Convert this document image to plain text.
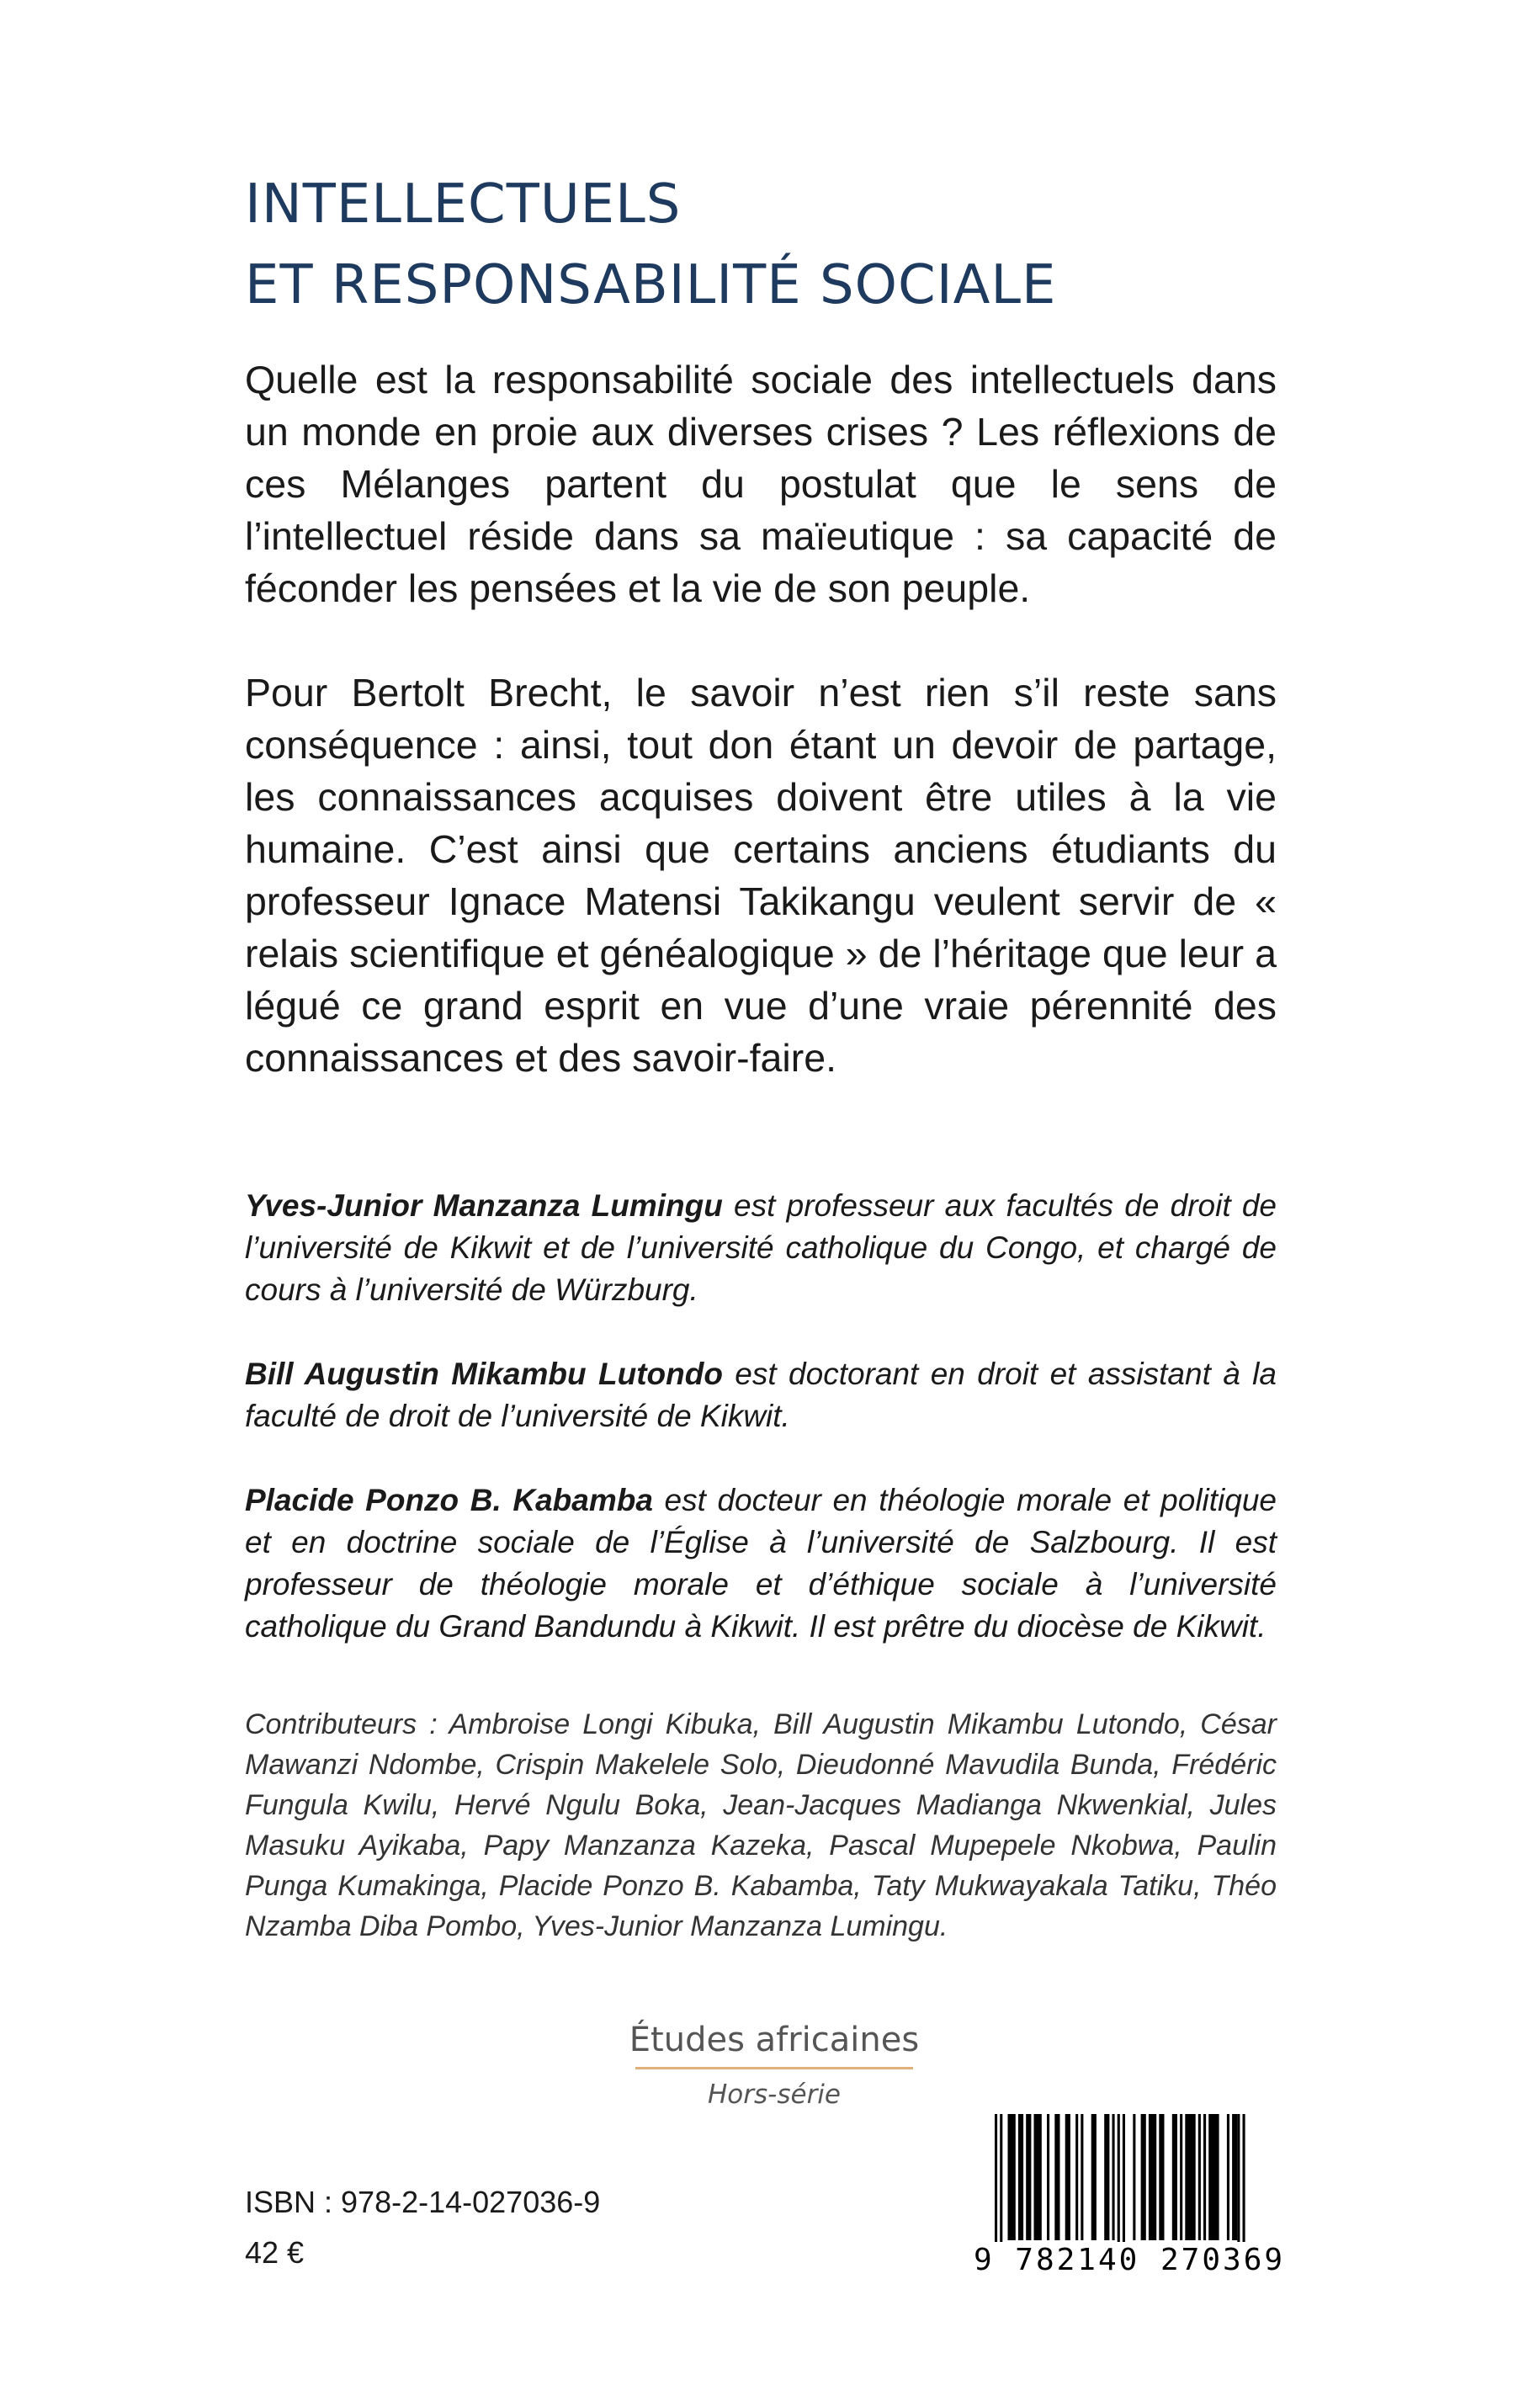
INTELLECTUELS
ET RESPONSABILITÉ SOCIALE

Quelle est la responsabilité sociale des intellectuels dans un monde en proie aux diverses crises ? Les réflexions de ces Mélanges partent du postulat que le sens de l’intellectuel réside dans sa maïeutique : sa capacité de féconder les pensées et la vie de son peuple.

Pour Bertolt Brecht, le savoir n’est rien s’il reste sans conséquence : ainsi, tout don étant un devoir de partage, les connaissances acquises doivent être utiles à la vie humaine. C’est ainsi que certains anciens étudiants du professeur Ignace Matensi Takikangu veulent servir de « relais scientifique et généalogique » de l’héritage que leur a légué ce grand esprit en vue d’une vraie pérennité des connaissances et des savoir-faire.

Yves-Junior Manzanza Lumingu est professeur aux facultés de droit de l’université de Kikwit et de l’université catholique du Congo, et chargé de cours à l’université de Würzburg.

Bill Augustin Mikambu Lutondo est doctorant en droit et assistant à la faculté de droit de l’université de Kikwit.

Placide Ponzo B. Kabamba est docteur en théologie morale et politique et en doctrine sociale de l’Église à l’université de Salzbourg. Il est professeur de théologie morale et d’éthique sociale à l’université catholique du Grand Bandundu à Kikwit. Il est prêtre du diocèse de Kikwit.

Contributeurs : Ambroise Longi Kibuka, Bill Augustin Mikambu Lutondo, César Mawanzi Ndombe, Crispin Makelele Solo, Dieudonné Mavudila Bunda, Frédéric Fungula Kwilu, Hervé Ngulu Boka, Jean-Jacques Madianga Nkwenkial, Jules Masuku Ayikaba, Papy Manzanza Kazeka, Pascal Mupepele Nkobwa, Paulin Punga Kumakinga, Placide Ponzo B. Kabamba, Taty Mukwayakala Tatiku, Théo Nzamba Diba Pombo, Yves-Junior Manzanza Lumingu.

Études africaines
Hors-série
ISBN : 978-2-14-027036-9
42 €	9 782140 270369
